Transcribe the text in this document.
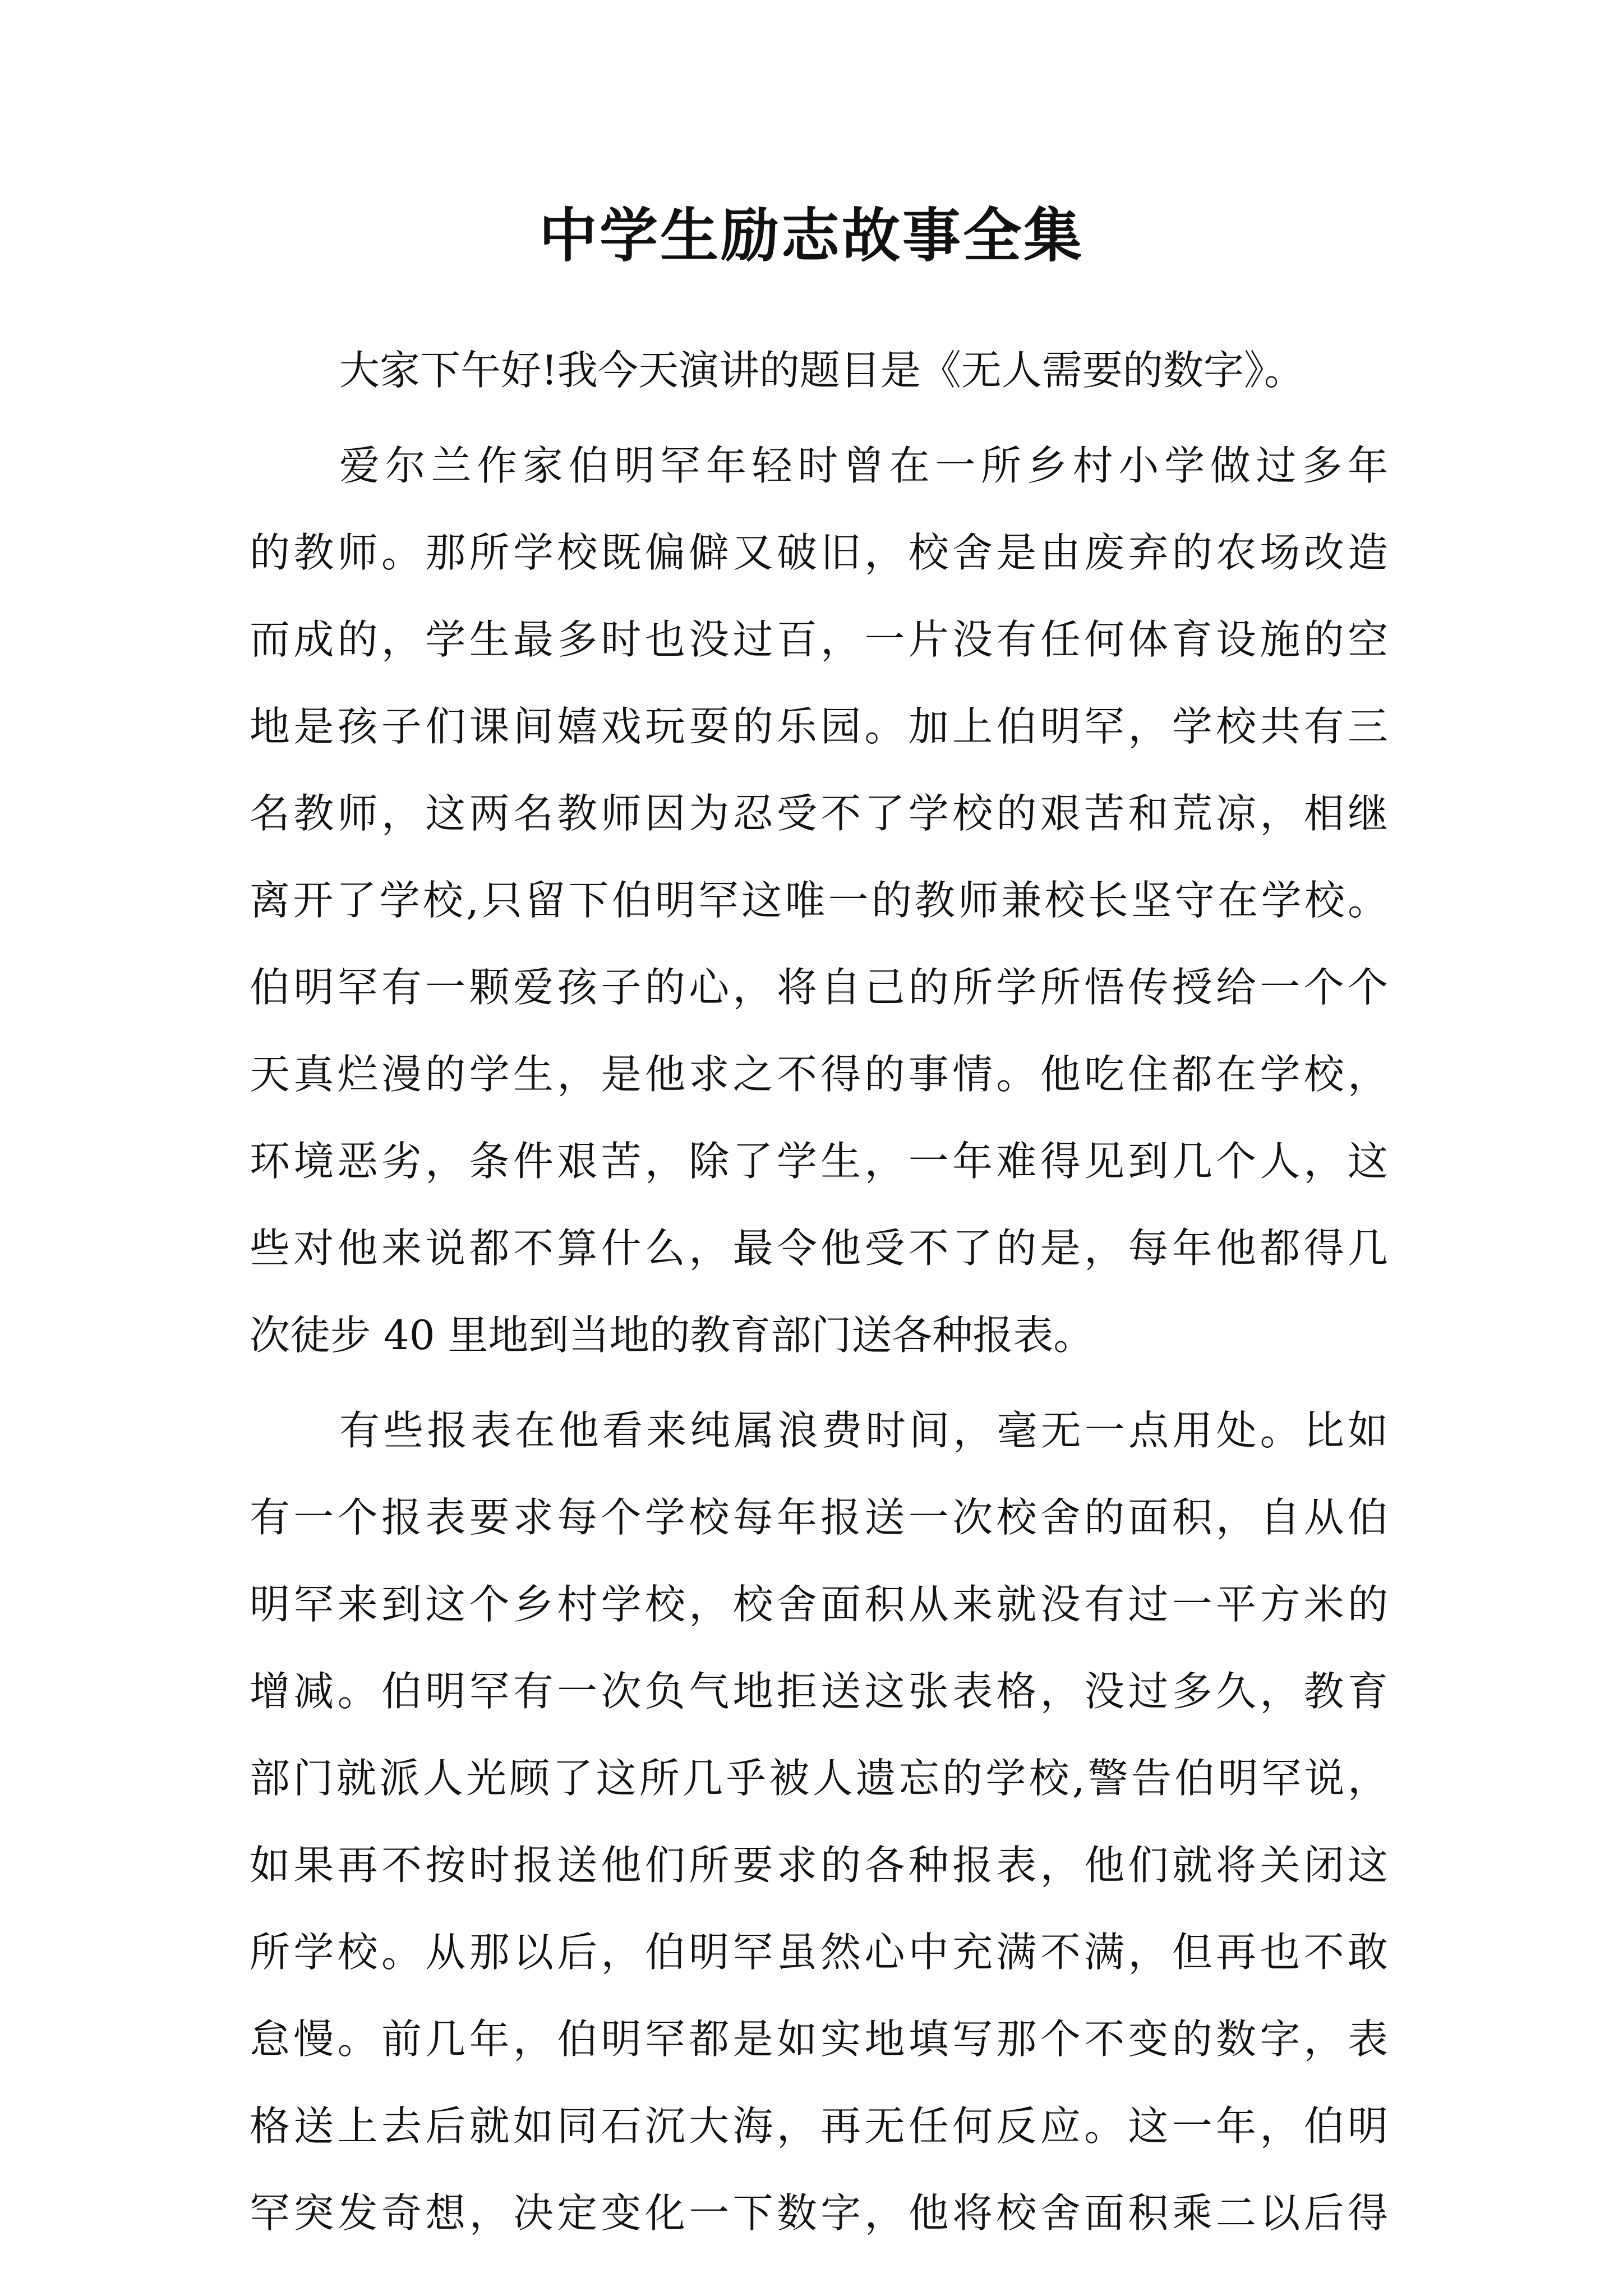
中学生励志故事全集
大家下午好!我今天演讲的题目是《无人需要的数字》。
爱尔兰作家伯明罕年轻时曾在一所乡村小学做过多年
的教师。那所学校既偏僻又破旧，校舍是由废弃的农场改造
而成的，学生最多时也没过百，一片没有任何体育设施的空
地是孩子们课间嬉戏玩耍的乐园。加上伯明罕，学校共有三
名教师，这两名教师因为忍受不了学校的艰苦和荒凉，相继
离开了学校,只留下伯明罕这唯一的教师兼校长坚守在学校。
伯明罕有一颗爱孩子的心，将自己的所学所悟传授给一个个
天真烂漫的学生，是他求之不得的事情。他吃住都在学校，
环境恶劣，条件艰苦，除了学生，一年难得见到几个人，这
些对他来说都不算什么，最令他受不了的是，每年他都得几
次徒步 40 里地到当地的教育部门送各种报表。
有些报表在他看来纯属浪费时间，毫无一点用处。比如
有一个报表要求每个学校每年报送一次校舍的面积，自从伯
明罕来到这个乡村学校，校舍面积从来就没有过一平方米的
增减。伯明罕有一次负气地拒送这张表格，没过多久，教育
部门就派人光顾了这所几乎被人遗忘的学校,警告伯明罕说，
如果再不按时报送他们所要求的各种报表，他们就将关闭这
所学校。从那以后，伯明罕虽然心中充满不满，但再也不敢
怠慢。前几年，伯明罕都是如实地填写那个不变的数字，表
格送上去后就如同石沉大海，再无任何反应。这一年，伯明
罕突发奇想，决定变化一下数字，他将校舍面积乘二以后得
